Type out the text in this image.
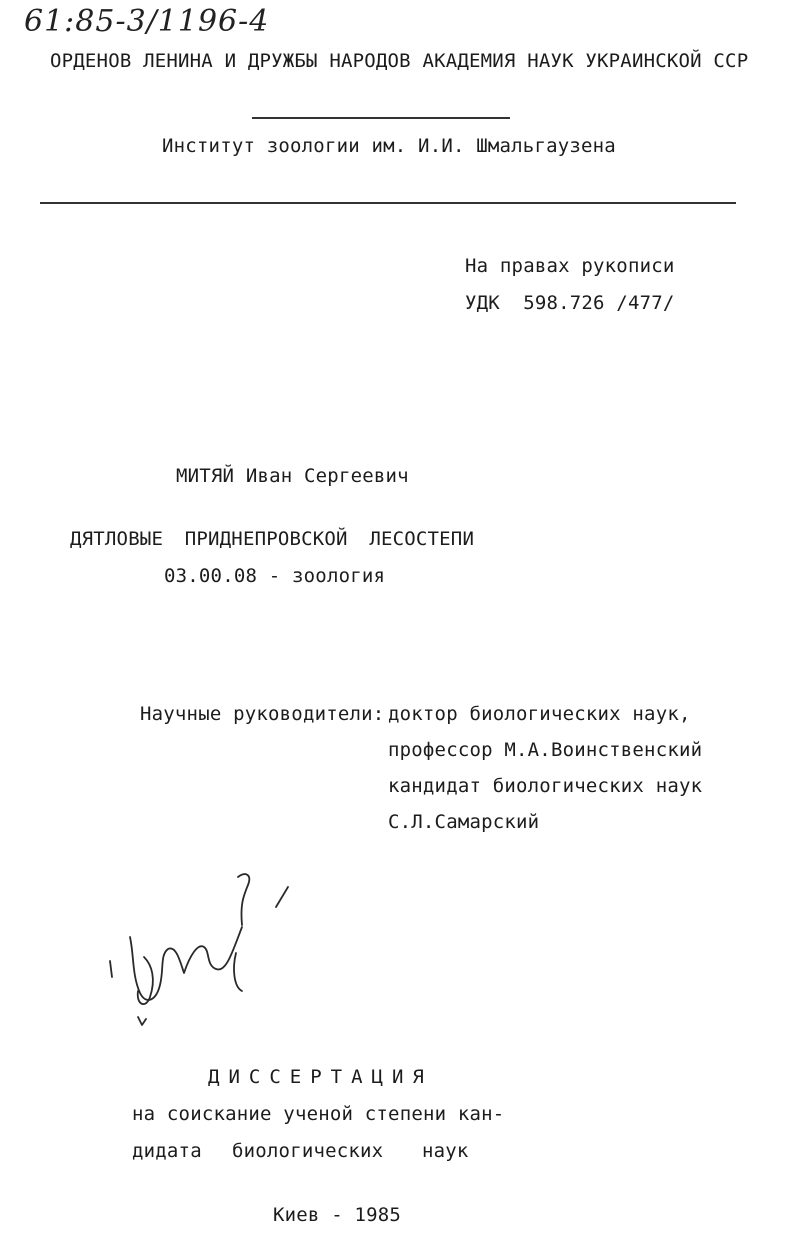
61:85-3/1196-4
ОРДЕНОВ ЛЕНИНА И ДРУЖБЫ НАРОДОВ АКАДЕМИЯ НАУК УКРАИНСКОЙ ССР
Институт зоологии им. И.И. Шмальгаузена
На правах рукописи
УДК  598.726 /477/
МИТЯЙ Иван Сергеевич
ДЯТЛОВЫЕ ПРИДНЕПРОВСКОЙ ЛЕСОСТЕПИ
03.00.08 - зоология
Научные руководители: доктор биологических наук,
профессор М.А.Воинственский
кандидат биологических наук
С.Л.Самарский
ДИССЕРТАЦИЯ
на соискание ученой степени кан-
дидата биологических наук
Киев - 1985
